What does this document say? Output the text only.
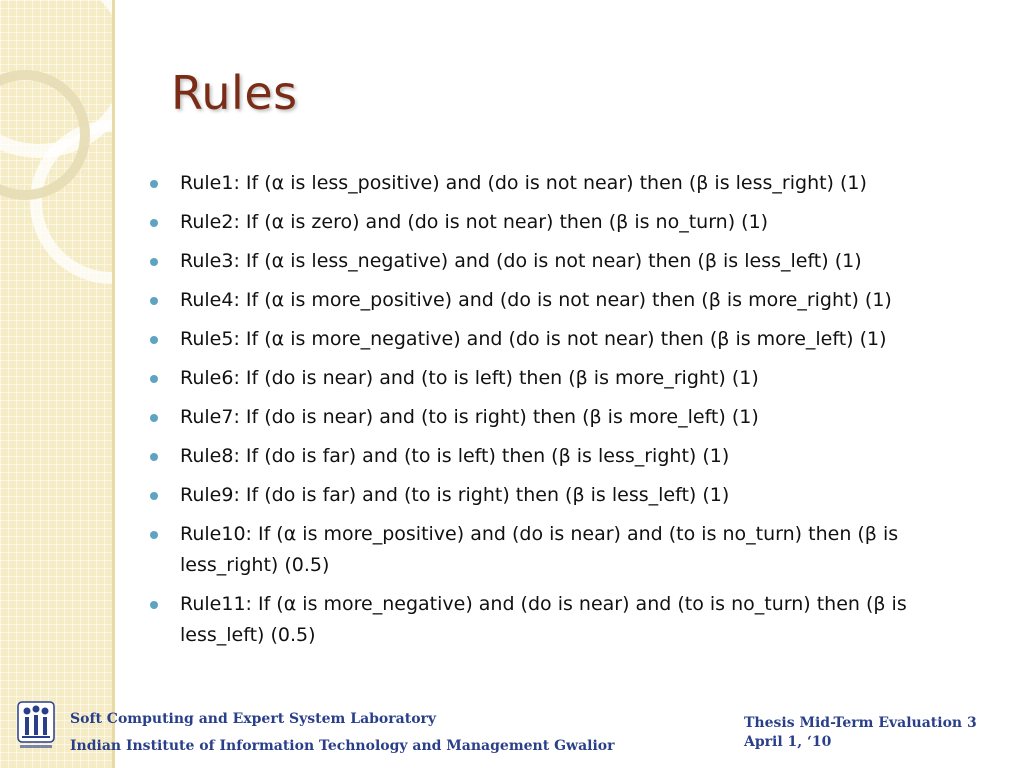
Rules
Rule1: If (α is less_positive) and (do is not near) then (β is less_right) (1)
Rule2: If (α is zero) and (do is not near) then (β is no_turn) (1)
Rule3: If (α is less_negative) and (do is not near) then (β is less_left) (1)
Rule4: If (α is more_positive) and (do is not near) then (β is more_right) (1)
Rule5: If (α is more_negative) and (do is not near) then (β is more_left) (1)
Rule6: If (do is near) and (to is left) then (β is more_right) (1)
Rule7: If (do is near) and (to is right) then (β is more_left) (1)
Rule8: If (do is far) and (to is left) then (β is less_right) (1)
Rule9: If (do is far) and (to is right) then (β is less_left) (1)
Rule10: If (α is more_positive) and (do is near) and (to is no_turn) then (β is less_right) (0.5)
Rule11: If (α is more_negative) and (do is near) and (to is no_turn) then (β is less_left) (0.5)
Soft Computing and Expert System Laboratory
Indian Institute of Information Technology and Management Gwalior
Thesis Mid-Term Evaluation 3
April 1, ‘10
